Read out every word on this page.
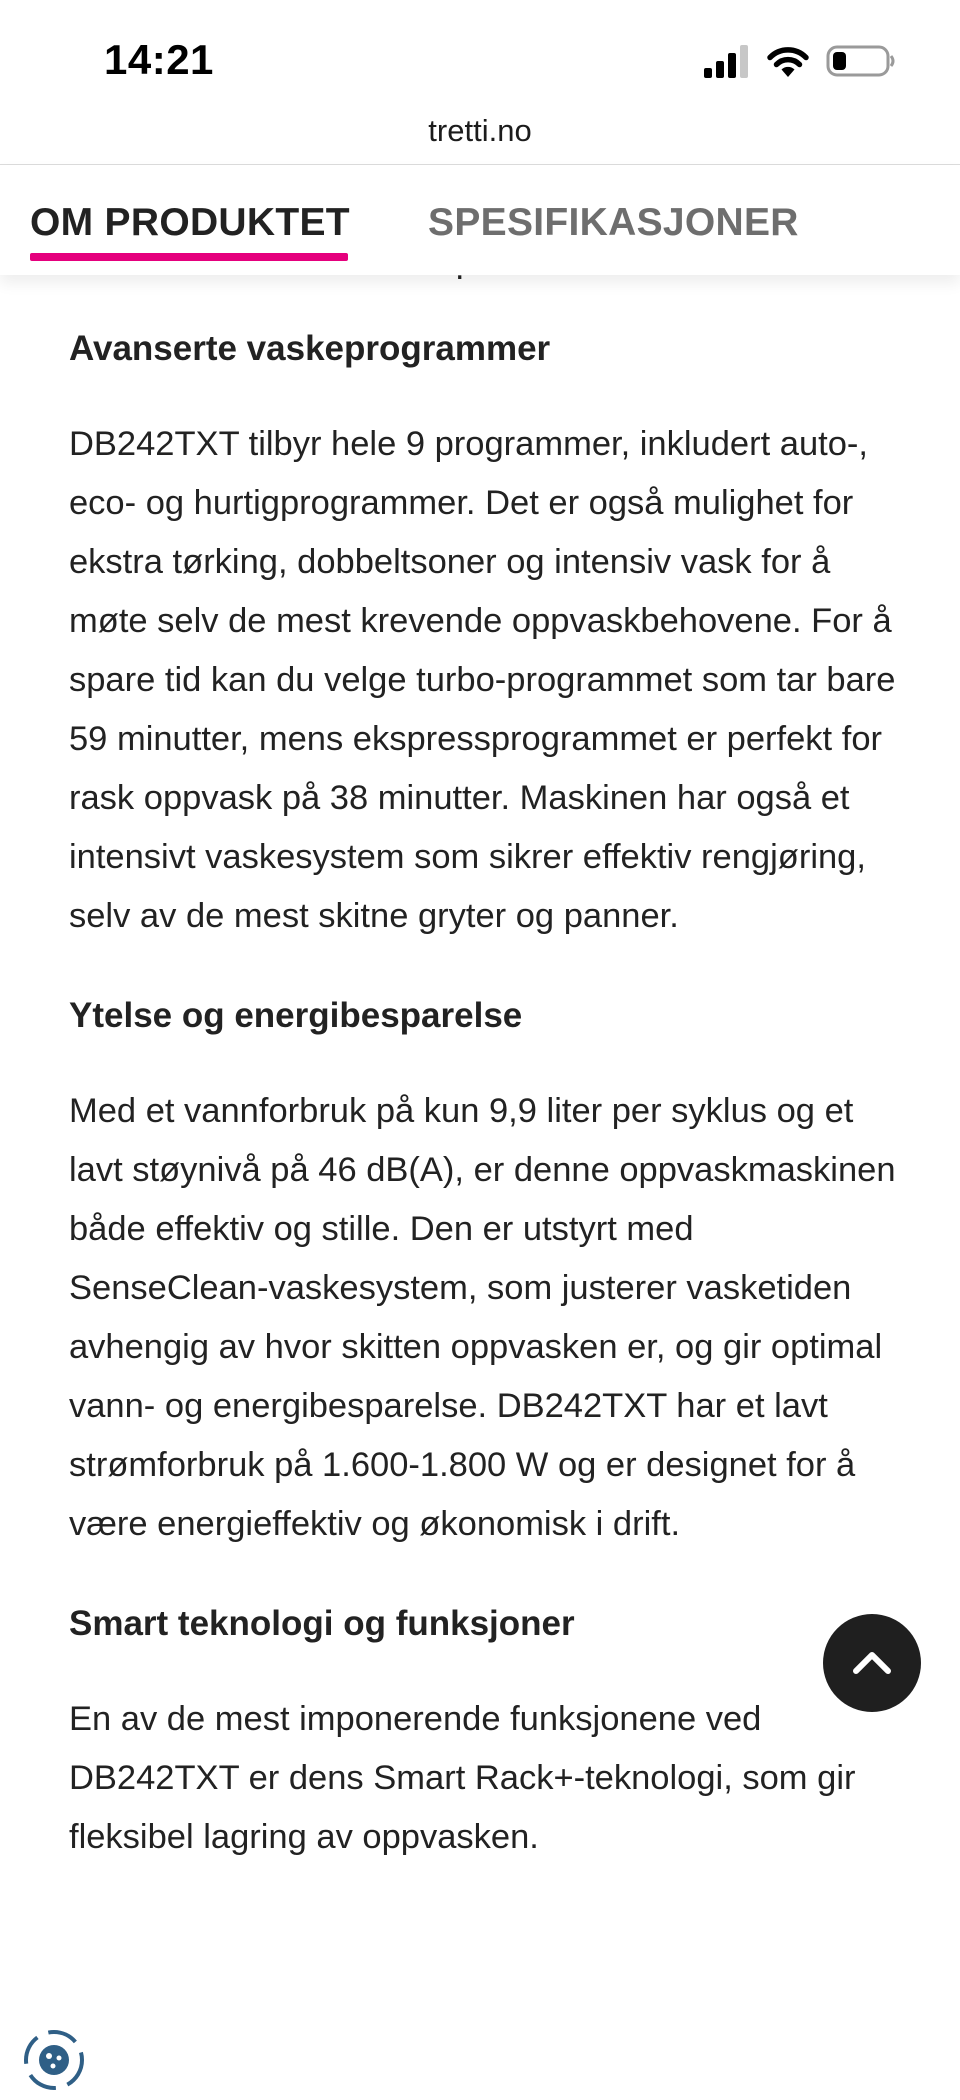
14:21
tretti.no
OM PRODUKTET SPESIFIKASJONER
Avanserte vaskeprogrammer

DB242TXT tilbyr hele 9 programmer, inkludert auto-, eco- og hurtigprogrammer. Det er også mulighet for ekstra tørking, dobbeltsoner og intensiv vask for å møte selv de mest krevende oppvaskbehovene. For å spare tid kan du velge turbo-programmet som tar bare 59 minutter, mens ekspressprogrammet er perfekt for rask oppvask på 38 minutter. Maskinen har også et intensivt vaskesystem som sikrer effektiv rengjøring, selv av de mest skitne gryter og panner.

Ytelse og energibesparelse

Med et vannforbruk på kun 9,9 liter per syklus og et lavt støynivå på 46 dB(A), er denne oppvaskmaskinen både effektiv og stille. Den er utstyrt med SenseClean-vaskesystem, som justerer vasketiden avhengig av hvor skitten oppvasken er, og gir optimal vann- og energibesparelse. DB242TXT har et lavt strømforbruk på 1.600-1.800 W og er designet for å være energieffektiv og økonomisk i drift.

Smart teknologi og funksjoner

En av de mest imponerende funksjonene ved DB242TXT er dens Smart Rack+-teknologi, som gir fleksibel lagring av oppvasken.
